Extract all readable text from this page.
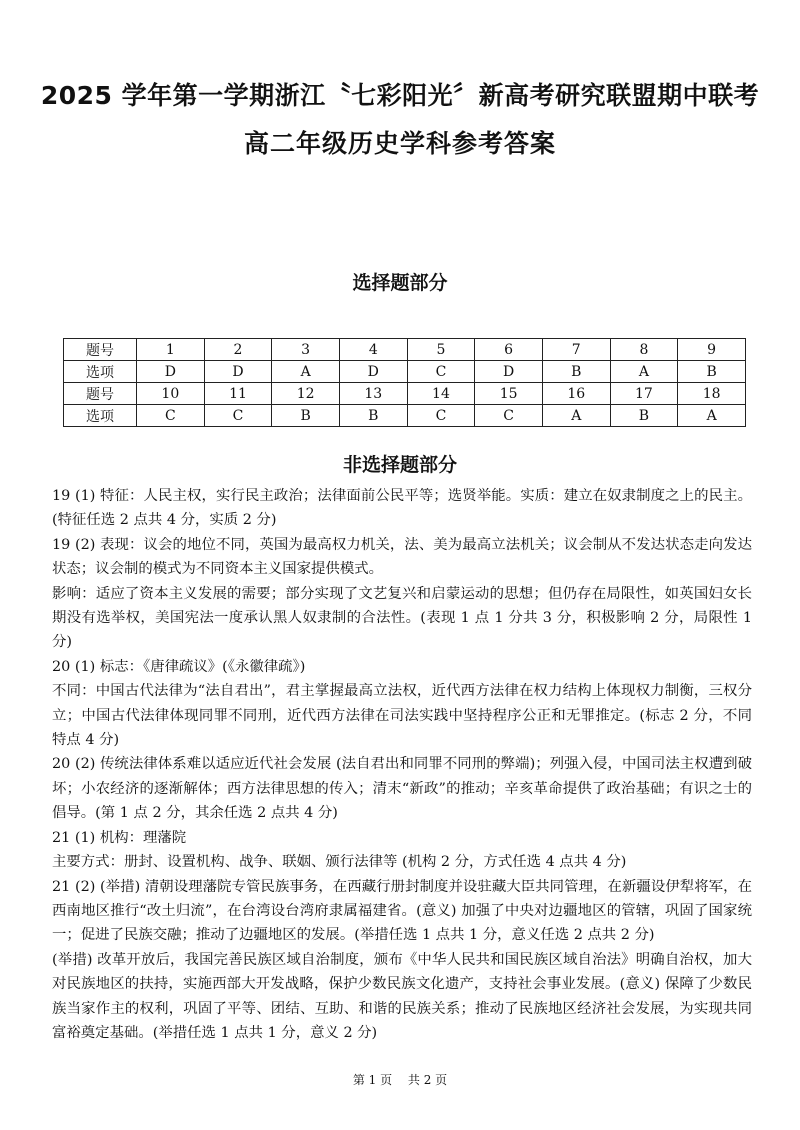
2025 学年第一学期浙江〝七彩阳光〞新高考研究联盟期中联考
高二年级历史学科参考答案
选择题部分
题号	1	2	3	4	5	6	7	8	9
选项	D	D	A	D	C	D	B	A	B
题号	10	11	12	13	14	15	16	17	18
选项	C	C	B	B	C	C	A	B	A
非选择题部分

19 (1) 特征：人民主权，实行民主政治；法律面前公民平等；选贤举能。实质：建立在奴隶制度之上的民主。(特征任选 2 点共 4 分，实质 2 分)

19 (2) 表现：议会的地位不同，英国为最高权力机关，法、美为最高立法机关；议会制从不发达状态走向发达状态；议会制的模式为不同资本主义国家提供模式。

影响：适应了资本主义发展的需要；部分实现了文艺复兴和启蒙运动的思想；但仍存在局限性，如英国妇女长期没有选举权，美国宪法一度承认黑人奴隶制的合法性。(表现 1 点 1 分共 3 分，积极影响 2 分，局限性 1 分)

20 (1) 标志：《唐律疏议》(《永徽律疏》)

不同：中国古代法律为“法自君出”，君主掌握最高立法权，近代西方法律在权力结构上体现权力制衡，三权分立；中国古代法律体现同罪不同刑，近代西方法律在司法实践中坚持程序公正和无罪推定。(标志 2 分，不同特点 4 分)

20 (2) 传统法律体系难以适应近代社会发展 (法自君出和同罪不同刑的弊端)；列强入侵，中国司法主权遭到破坏；小农经济的逐渐解体；西方法律思想的传入；清末“新政”的推动；辛亥革命提供了政治基础；有识之士的倡导。(第 1 点 2 分，其余任选 2 点共 4 分)

21 (1) 机构：理藩院

主要方式：册封、设置机构、战争、联姻、颁行法律等 (机构 2 分，方式任选 4 点共 4 分)

21 (2) (举措) 清朝设理藩院专管民族事务，在西藏行册封制度并设驻藏大臣共同管理，在新疆设伊犁将军，在西南地区推行“改土归流”，在台湾设台湾府隶属福建省。(意义) 加强了中央对边疆地区的管辖，巩固了国家统一；促进了民族交融；推动了边疆地区的发展。(举措任选 1 点共 1 分，意义任选 2 点共 2 分)

(举措) 改革开放后，我国完善民族区域自治制度，颁布《中华人民共和国民族区域自治法》明确自治权，加大对民族地区的扶持，实施西部大开发战略，保护少数民族文化遗产，支持社会事业发展。(意义) 保障了少数民族当家作主的权利，巩固了平等、团结、互助、和谐的民族关系；推动了民族地区经济社会发展，为实现共同富裕奠定基础。(举措任选 1 点共 1 分，意义 2 分)

第 1 页　 共 2 页
